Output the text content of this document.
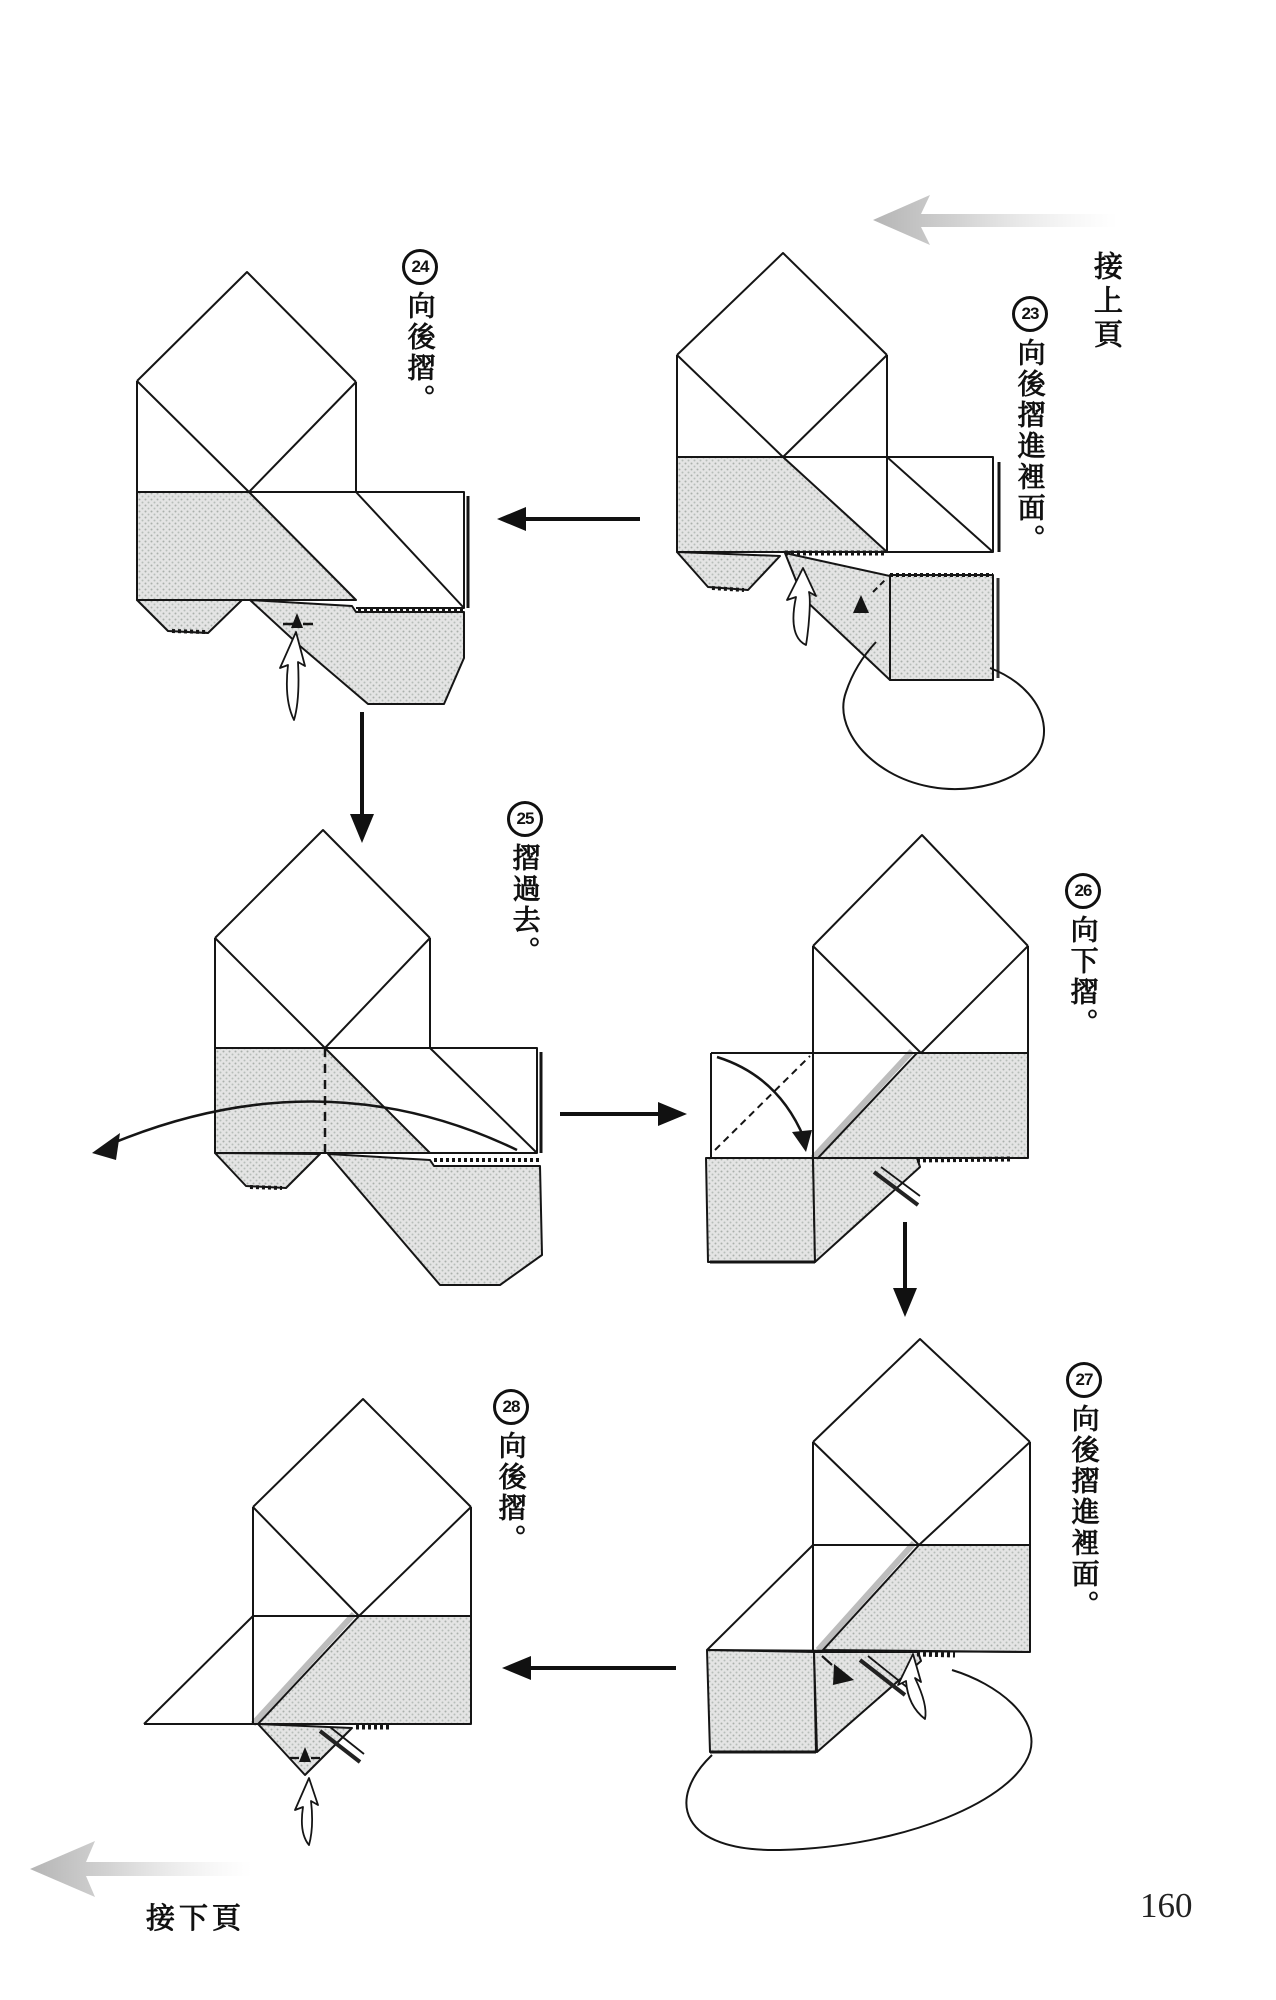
接上頁
23
向後摺進裡面。
24
向後摺。
25
摺過去。	26
向下摺。
27
向後摺進裡面。
28
向後摺。
接下頁	160
